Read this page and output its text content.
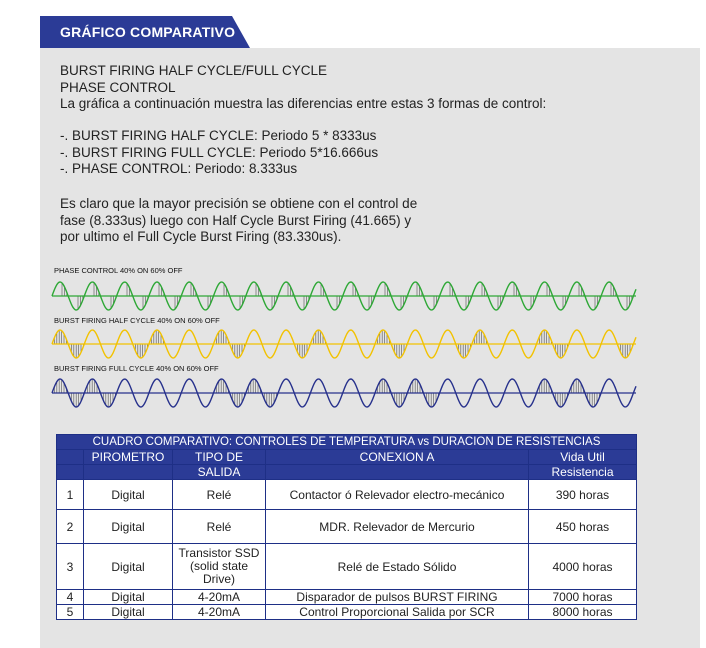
GRÁFICO COMPARATIVO
BURST FIRING HALF CYCLE/FULL CYCLE
PHASE CONTROL
La gráfica a continuación muestra las diferencias entre estas 3 formas de control:
-. BURST FIRING HALF CYCLE: Periodo 5 * 8333us
-. BURST FIRING FULL CYCLE: Periodo 5*16.666us
-. PHASE CONTROL: Periodo: 8.333us
Es claro que la mayor precisión se obtiene con el control de
fase (8.333us) luego con Half Cycle Burst Firing (41.665) y
por ultimo el Full Cycle Burst Firing (83.330us).
PHASE CONTROL 40% ON 60% OFF
BURST FIRING HALF CYCLE 40% ON 60% OFF
BURST FIRING FULL CYCLE 40% ON 60% OFF
CUADRO COMPARATIVO: CONTROLES DE TEMPERATURA vs DURACION DE RESISTENCIAS				
	PIROMETRO	TIPO DE	CONEXION A	Vida Util
		SALIDA		Resistencia
1	Digital	Relé	Contactor ó Relevador electro-mecánico	390 horas
2	Digital	Relé	MDR. Relevador de Mercurio	450 horas
3	Digital	Transistor SSD
(solid state
Drive)	Relé de Estado Sólido	4000 horas
4	Digital	4-20mA	Disparador de pulsos BURST FIRING	7000 horas
5	Digital	4-20mA	Control Proporcional Salida por SCR	8000 horas
